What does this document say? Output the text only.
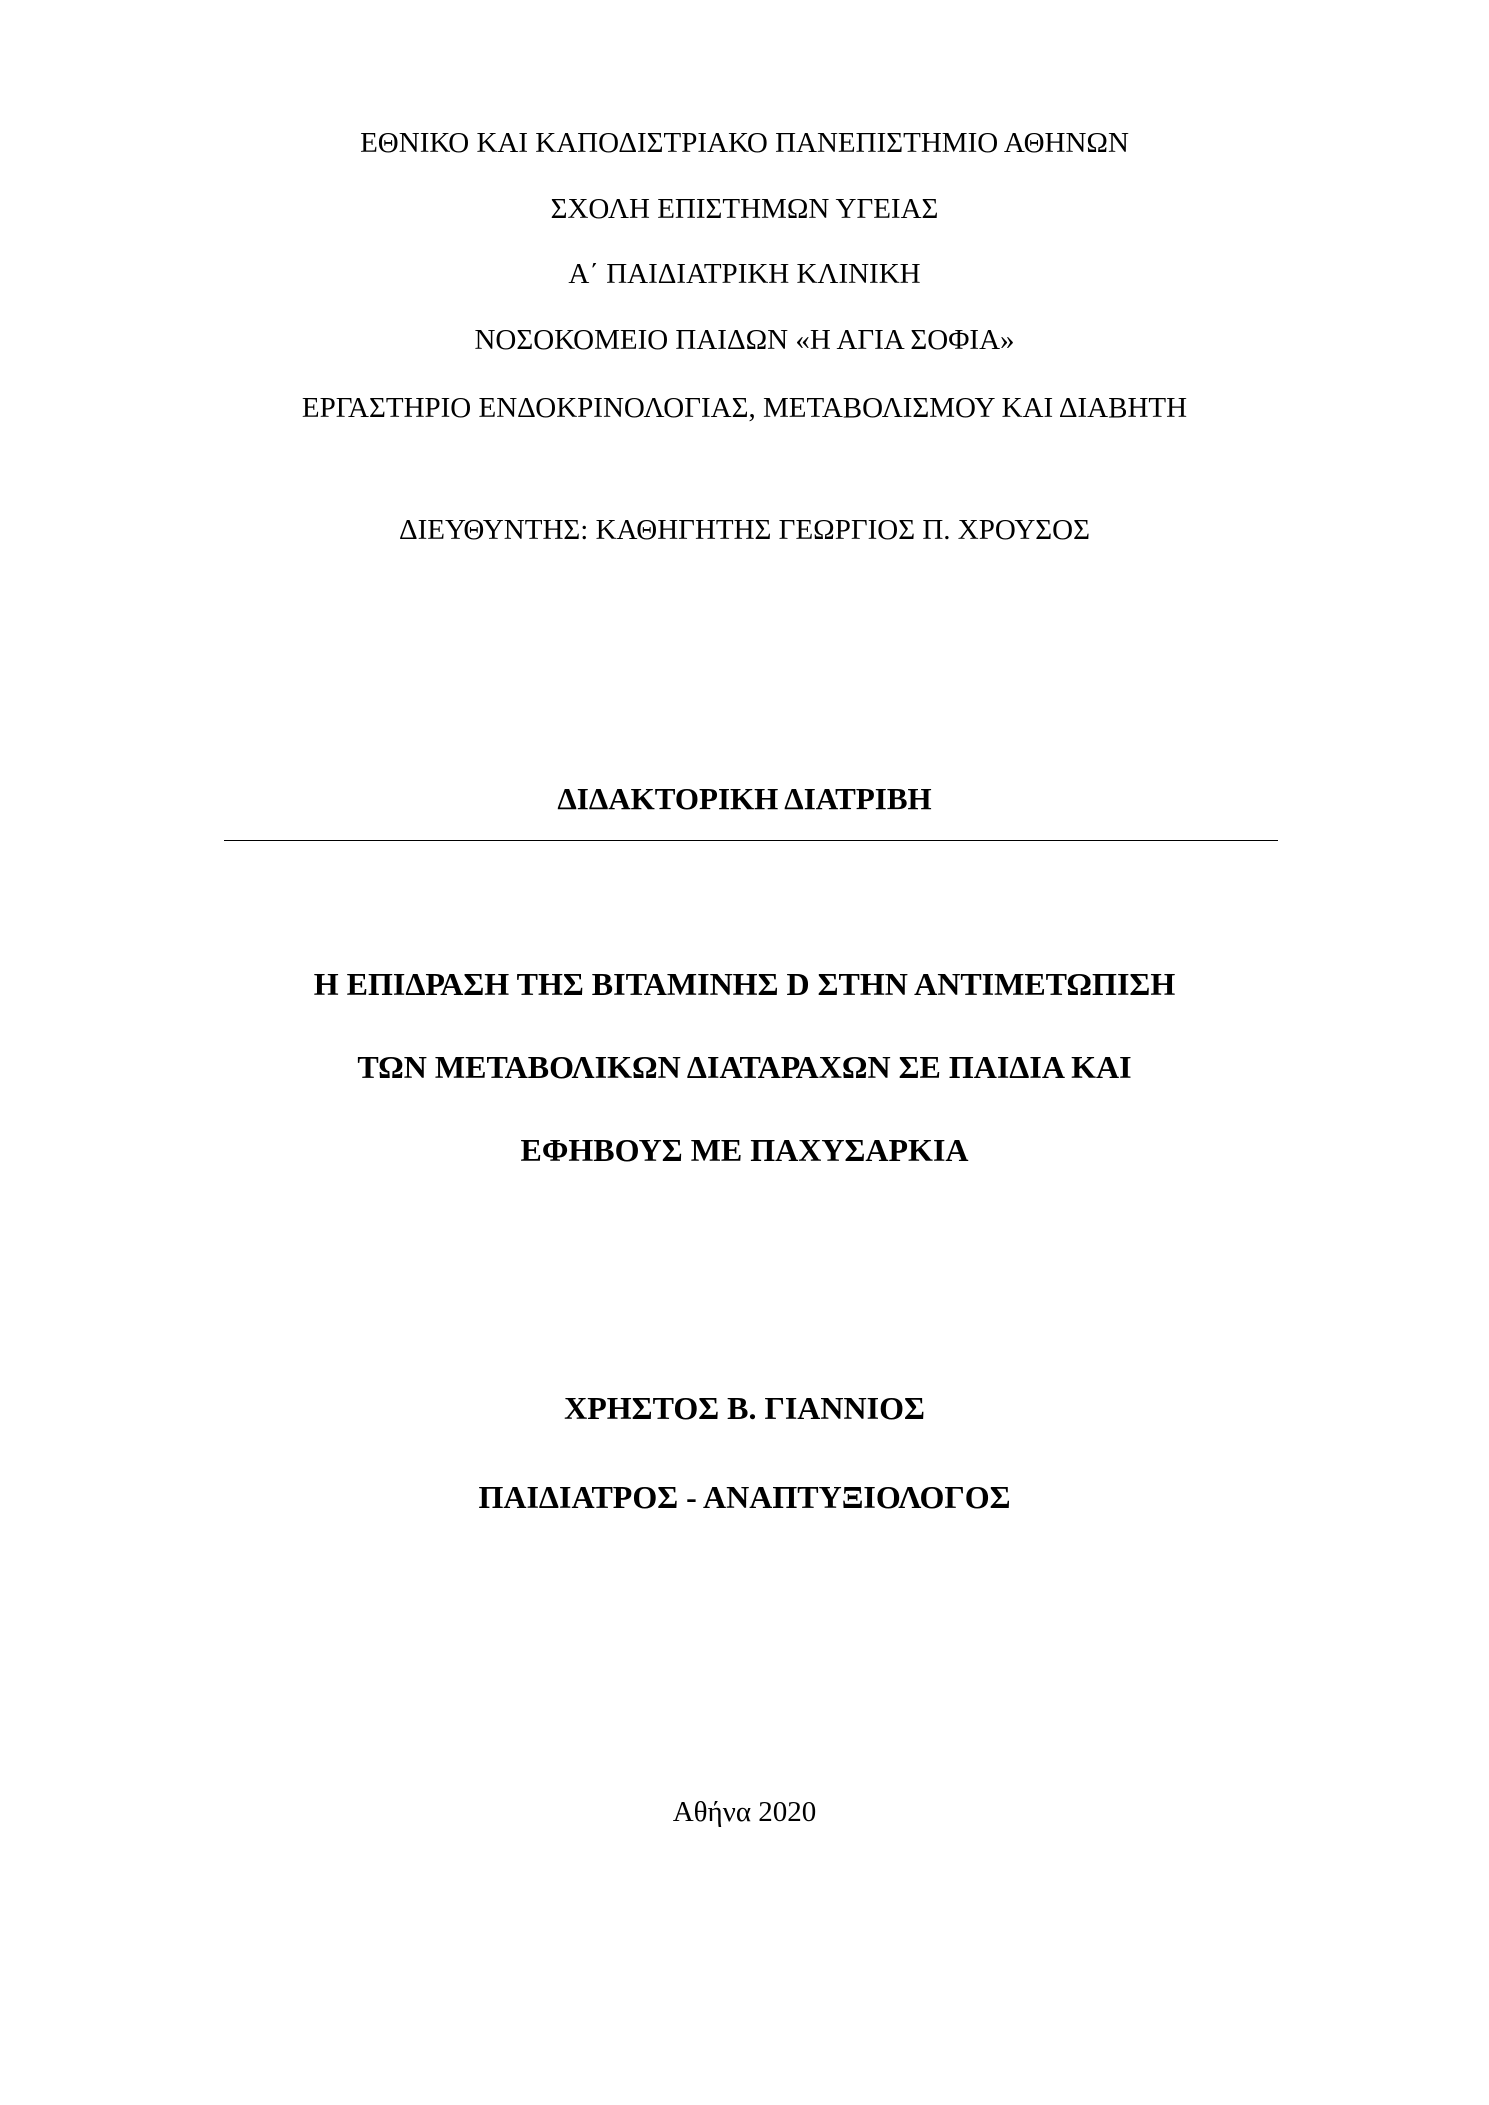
ΕΘΝΙΚΟ ΚΑΙ ΚΑΠΟΔΙΣΤΡΙΑΚΟ ΠΑΝΕΠΙΣΤΗΜΙΟ ΑΘΗΝΩΝ
ΣΧΟΛΗ ΕΠΙΣΤΗΜΩΝ ΥΓΕΙΑΣ
Α΄ ΠΑΙΔΙΑΤΡΙΚΗ ΚΛΙΝΙΚΗ
ΝΟΣΟΚΟΜΕΙΟ ΠΑΙΔΩΝ «Η ΑΓΙΑ ΣΟΦΙΑ»
ΕΡΓΑΣΤΗΡΙΟ ΕΝΔΟΚΡΙΝΟΛΟΓΙΑΣ, ΜΕΤΑΒΟΛΙΣΜΟΥ ΚΑΙ ΔΙΑΒΗΤΗ
ΔΙΕΥΘΥΝΤΗΣ: ΚΑΘΗΓΗΤΗΣ ΓΕΩΡΓΙΟΣ Π. ΧΡΟΥΣΟΣ
ΔΙΔΑΚΤΟΡΙΚΗ ΔΙΑΤΡΙΒΗ
Η ΕΠΙΔΡΑΣΗ ΤΗΣ ΒΙΤΑΜΙΝΗΣ D ΣΤΗΝ ΑΝΤΙΜΕΤΩΠΙΣΗ
ΤΩΝ ΜΕΤΑΒΟΛΙΚΩΝ ΔΙΑΤΑΡΑΧΩΝ ΣΕ ΠΑΙΔΙΑ ΚΑΙ
ΕΦΗΒΟΥΣ ΜΕ ΠΑΧΥΣΑΡΚΙΑ
ΧΡΗΣΤΟΣ Β. ΓΙΑΝΝΙΟΣ
ΠΑΙΔΙΑΤΡΟΣ - ΑΝΑΠΤΥΞΙΟΛΟΓΟΣ
Αθήνα 2020
